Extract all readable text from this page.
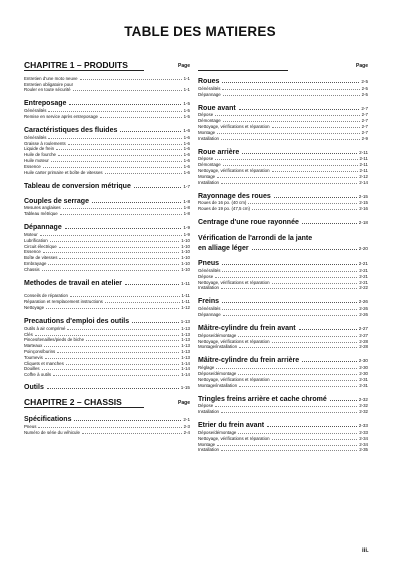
TABLE DES MATIERES
CHAPITRE 1 – PRODUITS	Page
Entretien d'une moto neuve	1-1
Entretien obligatoire pour
Rouler en toute sécurité	1-1
Entreposage	1-5
Généralités	1-5
Remise en service après entreposage	1-5
Caractéristiques des fluides	1-6
Généralités	1-6
Graisse à roulements	1-6
Liquide de frein	1-6
Huile de fourche	1-6
Huile moteur	1-6
Essence	1-6
Huile carter primaire et boîte de vitesses	1-6
Tableau de conversion métrique	1-7
Couples de serrage	1-8
Mesures anglaises	1-8
Tableau métrique	1-8
Dépannage	1-9
Moteur	1-9
Lubrification	1-10
Circuit électrique	1-10
Essence	1-10
Boîte de vitesses	1-10
Embrayage	1-10
Chassis	1-10
Methodes de travail en atelier	1-11
Conseils de réparation	1-11
Réparation et remplacement instructions	1-11
Nettoyage	1-12
Precautions d'emploi des outils	1-13
Outils à air comprimé	1-13
Clés	1-13
Pinces/tenailles/pieds de biche	1-13
Marteaux	1-13
Poinçons/burins	1-13
Tournevis	1-13
Cliquets et manches	1-14
Douilles	1-14
Coffre à outils	1-14
Outils	1-15
CHAPITRE 2 – CHASSIS	Page
Spécifications	2-1
Pneus	2-3
Numéro de série du véhicule	2-4
Page
Roues	2-5
Généralités	2-5
Dépannage	2-5
Roue avant	2-7
Dépose	2-7
Démontage	2-7
Nettoyage, vérifications et réparation	2-7
Montage	2-7
Installation	2-9
Roue arrière	2-11
Dépose	2-11
Démontage	2-11
Nettoyage, vérifications et réparation	2-11
Montage	2-12
Installation	2-14
Rayonnage des roues	2-15
Roues de 16 po. (40 cm)	2-15
Roues de 19 po. (47,5 cm)	2-16
Centrage d'une roue rayonnée	2-18
Vérification de l'arrondi de la jante
en alliage léger	2-20
Pneus	2-21
Généralités	2-21
Dépose	2-21
Nettoyage, vérifications et réparation	2-21
Installation	2-22
Freins	2-26
Généralités	2-26
Dépannage	2-26
Mâitre-cylindre du frein avant	2-27
Dépose/démontage	2-27
Nettoyage, vérifications et réparation	2-28
Montage/installation	2-28
Mâitre-cylindre du frein arrière	2-30
Réglage	2-30
Dépose/démontage	2-30
Nettoyage, vérifications et réparation	2-31
Montage/installation	2-31
Tringles freins arrière et cache chromé	2-32
Dépose	2-32
Installation	2-32
Etrier du frein avant	2-33
Dépose/démontage	2-33
Nettoyage, vérifications et réparation	2-34
Montage	2-34
Installation	2-35
iii.
